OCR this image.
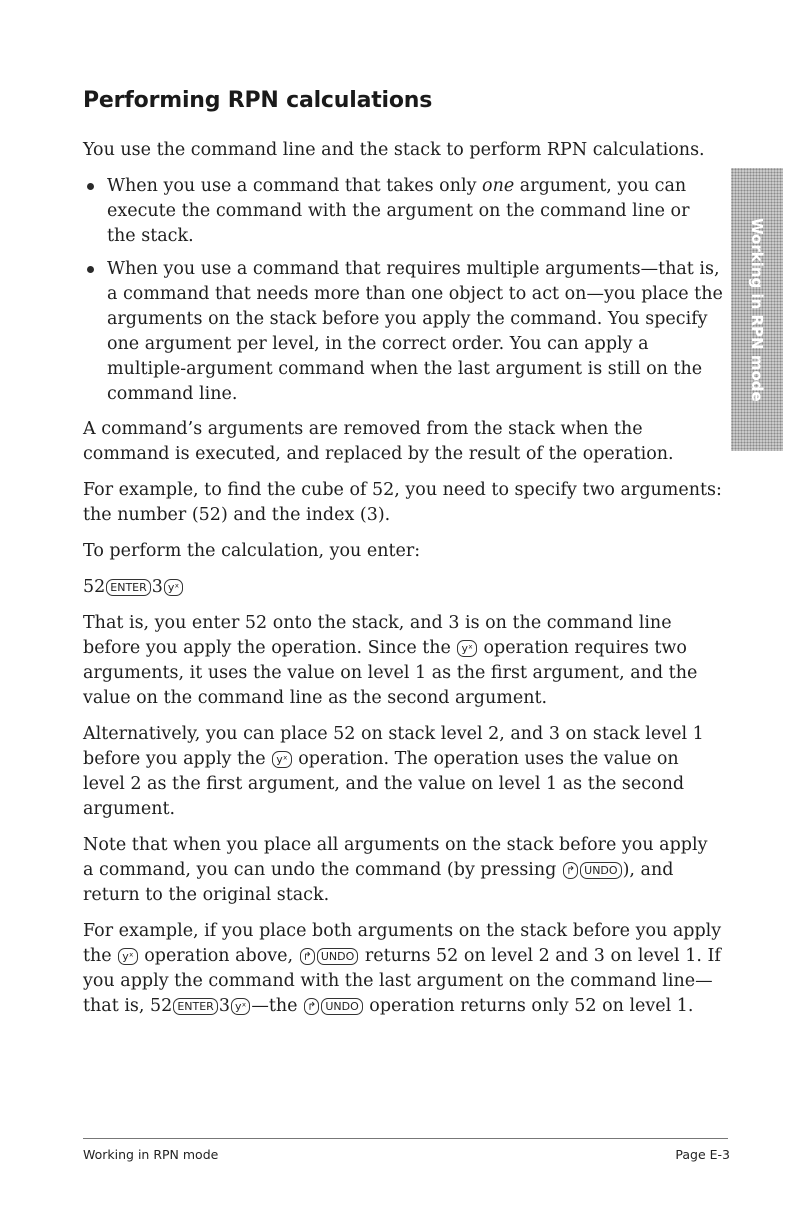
Performing RPN calculations
Working in RPN mode

You use the command line and the stack to perform RPN calculations.

When you use a command that takes only one argument, you can execute the command with the argument on the command line or the stack.
When you use a command that requires multiple arguments—that is, a command that needs more than one object to act on—you place the arguments on the stack before you apply the command. You specify one argument per level, in the correct order. You can apply a multiple-argument command when the last argument is still on the command line.

A command’s arguments are removed from the stack when the command is executed, and replaced by the result of the operation.

For example, to find the cube of 52, you need to specify two arguments: the number (52) and the index (3).

To perform the calculation, you enter:

52 ENTER 3 yˣ

That is, you enter 52 onto the stack, and 3 is on the command line before you apply the operation. Since the yˣ operation requires two arguments, it uses the value on level 1 as the first argument, and the value on the command line as the second argument.

Alternatively, you can place 52 on stack level 2, and 3 on stack level 1 before you apply the yˣ operation. The operation uses the value on level 2 as the first argument, and the value on level 1 as the second argument.

Note that when you place all arguments on the stack before you apply a command, you can undo the command (by pressing ↱ UNDO ), and return to the original stack.

For example, if you place both arguments on the stack before you apply the yˣ operation above, ↱ UNDO returns 52 on level 2 and 3 on level 1. If you apply the command with the last argument on the command line—that is, 52 ENTER 3 yˣ —the ↱ UNDO operation returns only 52 on level 1.

Working in RPN mode	Page E-3
